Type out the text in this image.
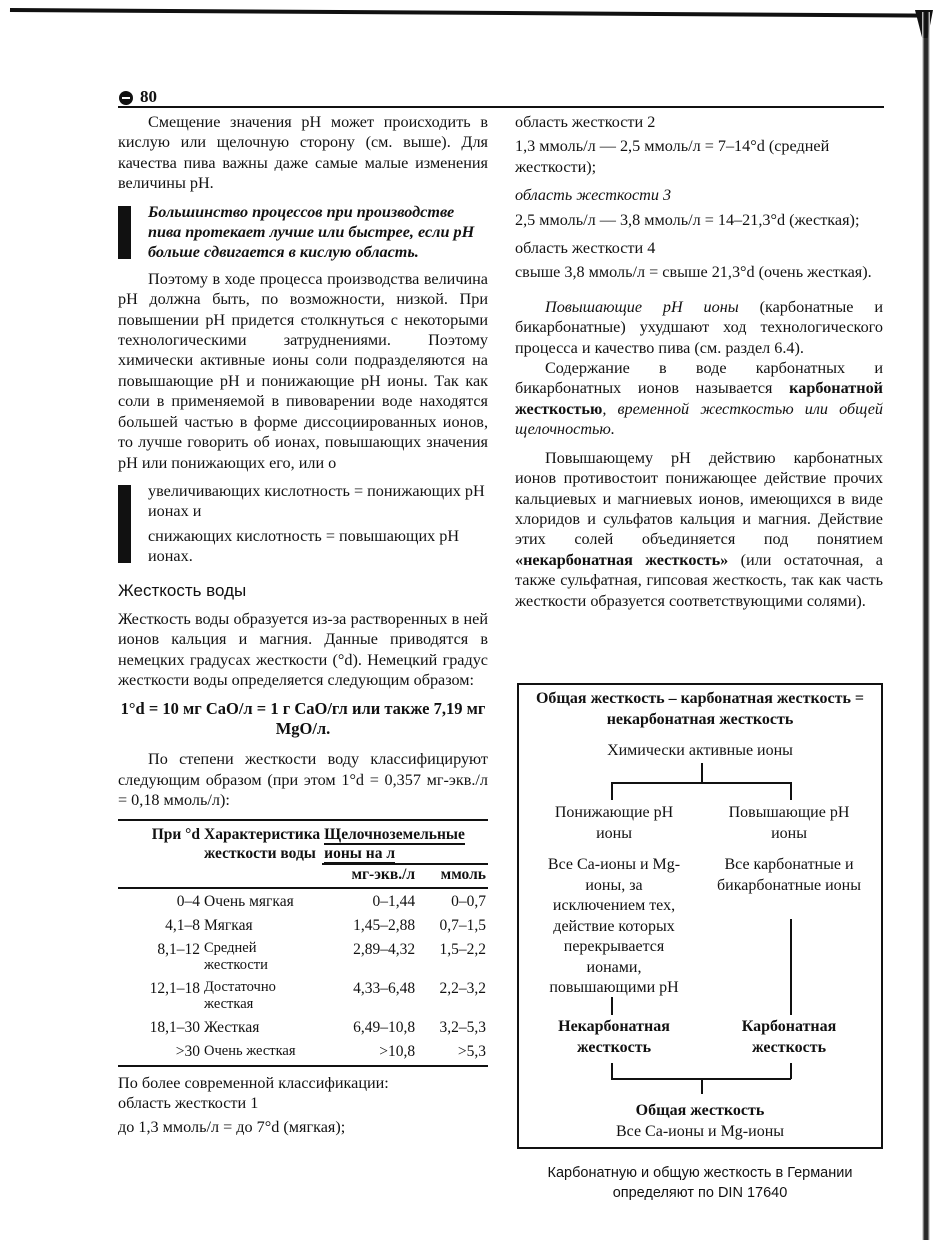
80

Смещение значения pH может происходить в кислую или щелочную сторону (см. выше). Для качества пива важны даже самые малые изменения величины pH.

Большинство процессов при производстве пива протекает лучше или быстрее, если pH больше сдвигается в кислую область.

Поэтому в ходе процесса производства величина pH должна быть, по возможности, низкой. При повышении pH придется столкнуться с некоторыми технологическими затруднениями. Поэтому химически активные ионы соли подразделяются на повышающие pH и понижающие pH ионы. Так как соли в применяемой в пивоварении воде находятся большей частью в форме диссоциированных ионов, то лучше говорить об ионах, повышающих значения pH или понижающих его, или о

увеличивающих кислотность = понижающих pH ионах и

снижающих кислотность = повышающих pH ионах.

Жесткость воды

Жесткость воды образуется из-за растворенных в ней ионов кальция и магния. Данные приводятся в немецких градусах жесткости (°d). Немецкий градус жесткости воды определяется следующим образом:

1°d = 10 мг CaO/л = 1 г CaO/гл или также 7,19 мг MgO/л.

По степени жесткости воду классифицируют следующим образом (при этом 1°d = 0,357 мг-экв./л = 0,18 ммоль/л):

При °d	Характеристика жесткости воды	Щелочноземельные ионы на л	

		мг-экв./л	ммоль
0–4	Очень мягкая	0–1,44	0–0,7
4,1–8	Мягкая	1,45–2,88	0,7–1,5
8,1–12	Средней жесткости	2,89–4,32	1,5–2,2
12,1–18	Достаточно жесткая	4,33–6,48	2,2–3,2
18,1–30	Жесткая	6,49–10,8	3,2–5,3
>30	Очень жесткая	>10,8	>5,3

По более современной классификации:

область жесткости 1

до 1,3 ммоль/л = до 7°d (мягкая);

область жесткости 2

1,3 ммоль/л — 2,5 ммоль/л = 7–14°d (средней жесткости);

область жесткости 3

2,5 ммоль/л — 3,8 ммоль/л = 14–21,3°d (жесткая);

область жесткости 4

свыше 3,8 ммоль/л = свыше 21,3°d (очень жесткая).

Повышающие pH ионы (карбонатные и бикарбонатные) ухудшают ход технологического процесса и качество пива (см. раздел 6.4).

Содержание в воде карбонатных и бикарбонатных ионов называется карбонатной жесткостью, временной жесткостью или общей щелочностью.

Повышающему pH действию карбонатных ионов противостоит понижающее действие прочих кальциевых и магниевых ионов, имеющихся в виде хлоридов и сульфатов кальция и магния. Действие этих солей объединяется под понятием «некарбонатная жесткость» (или остаточная, а также сульфатная, гипсовая жесткость, так как часть жесткости образуется соответствующими солями).

Общая жесткость – карбонатная жесткость = некарбонатная жесткость
Химически активные ионы
Понижающие pH ионы
Повышающие pH ионы
Все Ca-ионы и Mg-ионы, за исключением тех, действие которых перекрывается ионами, повышающими pH
Все карбонатные и бикарбонатные ионы
Некарбонатная жесткость
Карбонатная жесткость
Общая жесткость
Все Ca-ионы и Mg-ионы
Карбонатную и общую жесткость в Германии определяют по DIN 17640
